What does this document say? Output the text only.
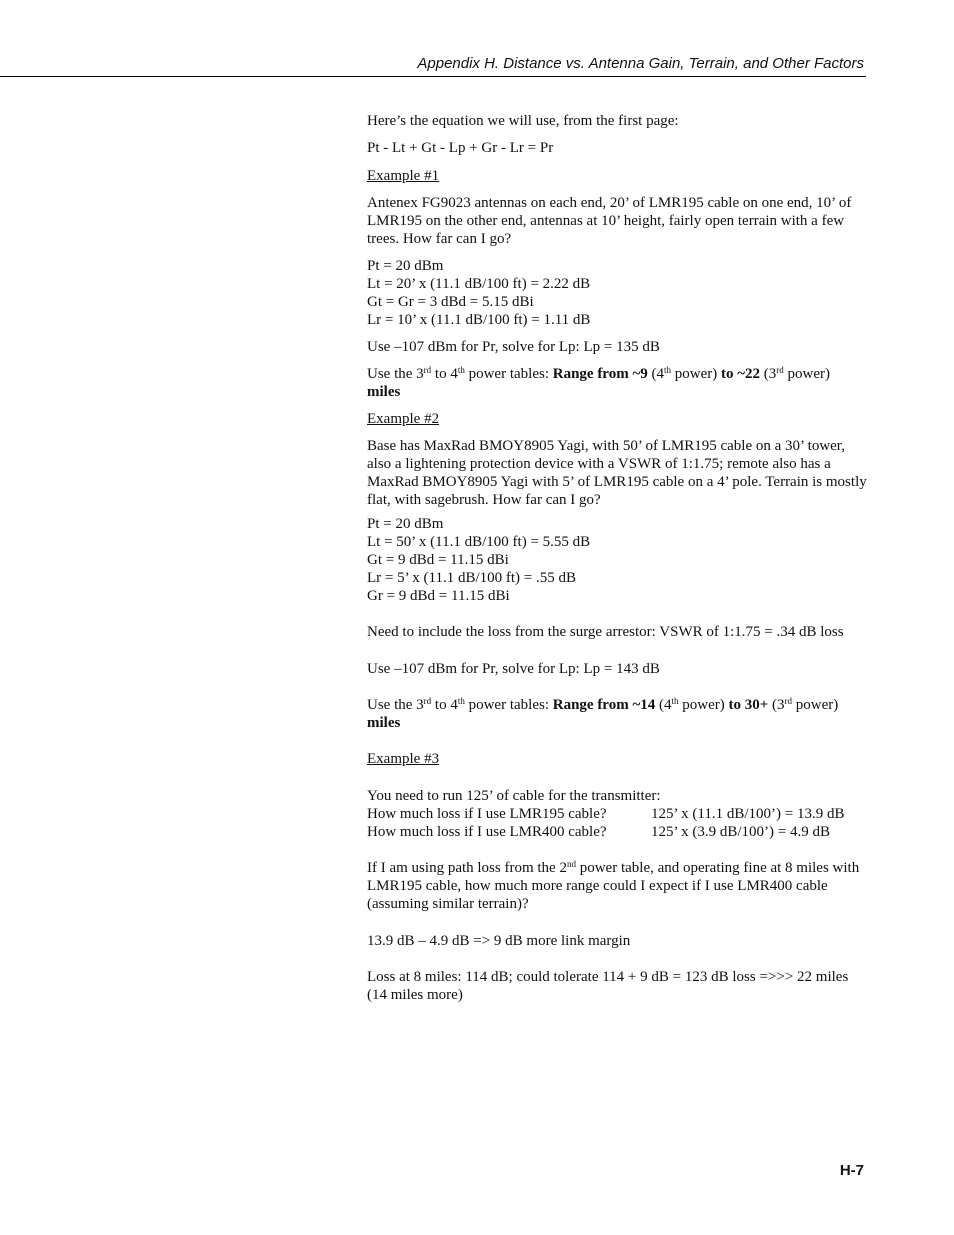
Appendix H. Distance vs. Antenna Gain, Terrain, and Other Factors

Here’s the equation we will use, from the first page:

Pt - Lt + Gt - Lp + Gr - Lr = Pr

Example #1

Antenex FG9023 antennas on each end, 20’ of LMR195 cable on one end, 10’ of LMR195 on the other end, antennas at 10’ height, fairly open terrain with a few trees. How far can I go?

Pt = 20 dBm

Lt = 20’ x (11.1 dB/100 ft) = 2.22 dB

Gt = Gr = 3 dBd = 5.15 dBi

Lr = 10’ x (11.1 dB/100 ft) = 1.11 dB

Use –107 dBm for Pr, solve for Lp: Lp = 135 dB

Use the 3rd to 4th power tables: Range from ~9 (4th power) to ~22 (3rd power)
miles

Example #2

Base has MaxRad BMOY8905 Yagi, with 50’ of LMR195 cable on a 30’ tower, also a lightening protection device with a VSWR of 1:1.75; remote also has a MaxRad BMOY8905 Yagi with 5’ of LMR195 cable on a 4’ pole. Terrain is mostly flat, with sagebrush. How far can I go?

Pt = 20 dBm

Lt = 50’ x (11.1 dB/100 ft) = 5.55 dB

Gt = 9 dBd = 11.15 dBi

Lr = 5’ x (11.1 dB/100 ft) = .55 dB

Gr = 9 dBd = 11.15 dBi

Need to include the loss from the surge arrestor: VSWR of 1:1.75 = .34 dB loss

Use –107 dBm for Pr, solve for Lp: Lp = 143 dB

Use the 3rd to 4th power tables: Range from ~14 (4th power) to 30+ (3rd power)
miles

Example #3

You need to run 125’ of cable for the transmitter:

How much loss if I use LMR195 cable?	125’ x (11.1 dB/100’) = 13.9 dB
How much loss if I use LMR400 cable?	125’ x (3.9 dB/100’) = 4.9 dB

If I am using path loss from the 2nd power table, and operating fine at 8 miles with LMR195 cable, how much more range could I expect if I use LMR400 cable (assuming similar terrain)?

13.9 dB – 4.9 dB => 9 dB more link margin

Loss at 8 miles: 114 dB; could tolerate 114 + 9 dB = 123 dB loss =>>> 22 miles (14 miles more)

H-7
